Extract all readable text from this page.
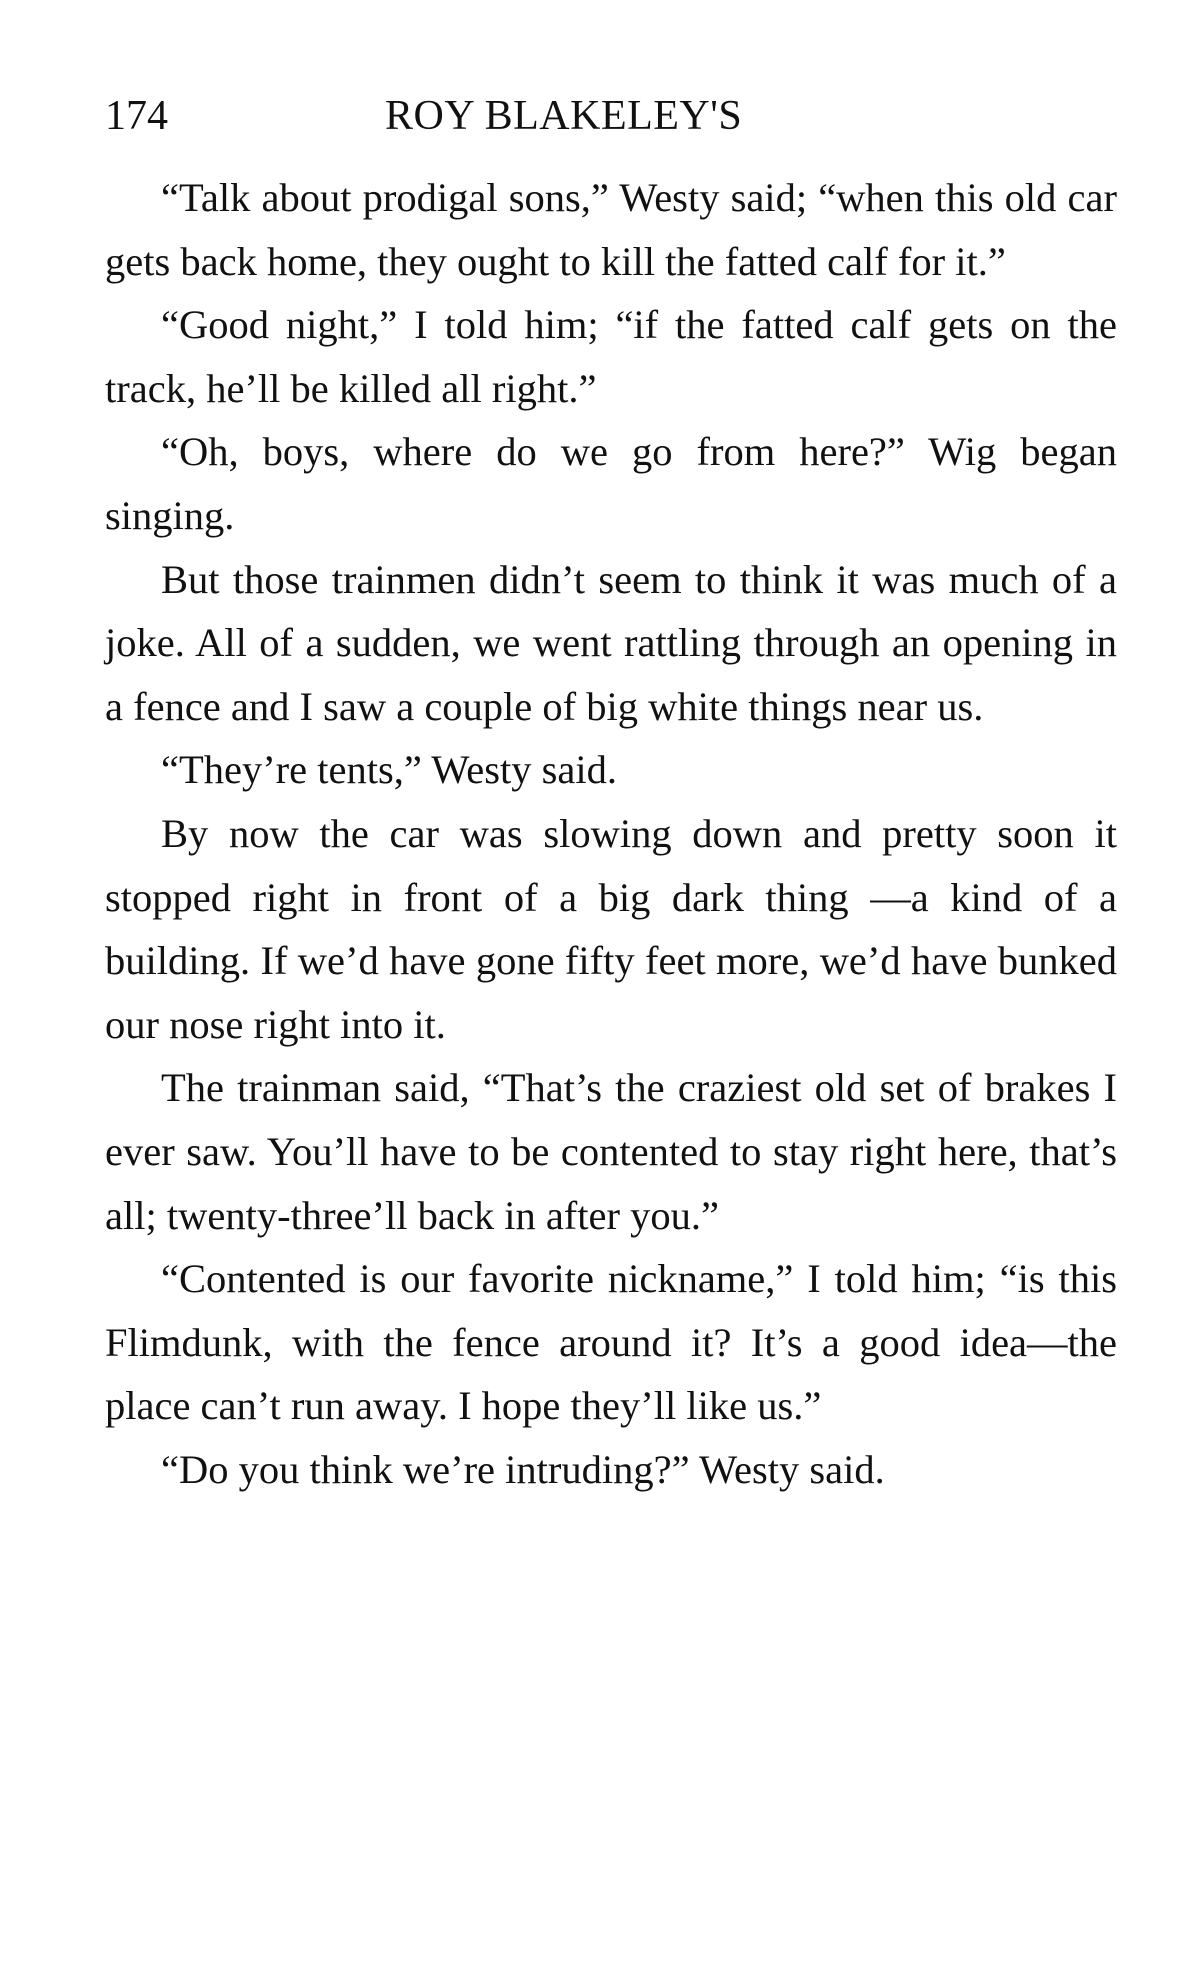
174	ROY BLAKELEY'S

“Talk about prodigal sons,” Westy said; “when this old car gets back home, they ought to kill the fatted calf for it.”

“Good night,” I told him; “if the fatted calf gets on the track, he’ll be killed all right.”

“Oh, boys, where do we go from here?” Wig began singing.

But those trainmen didn’t seem to think it was much of a joke. All of a sudden, we went rattling through an opening in a fence and I saw a couple of big white things near us.

“They’re tents,” Westy said.

By now the car was slowing down and pretty soon it stopped right in front of a big dark thing —a kind of a building. If we’d have gone fifty feet more, we’d have bunked our nose right into it.

The trainman said, “That’s the craziest old set of brakes I ever saw. You’ll have to be contented to stay right here, that’s all; twenty-three’ll back in after you.”

“Contented is our favorite nickname,” I told him; “is this Flimdunk, with the fence around it? It’s a good idea—the place can’t run away. I hope they’ll like us.”

“Do you think we’re intruding?” Westy said.
